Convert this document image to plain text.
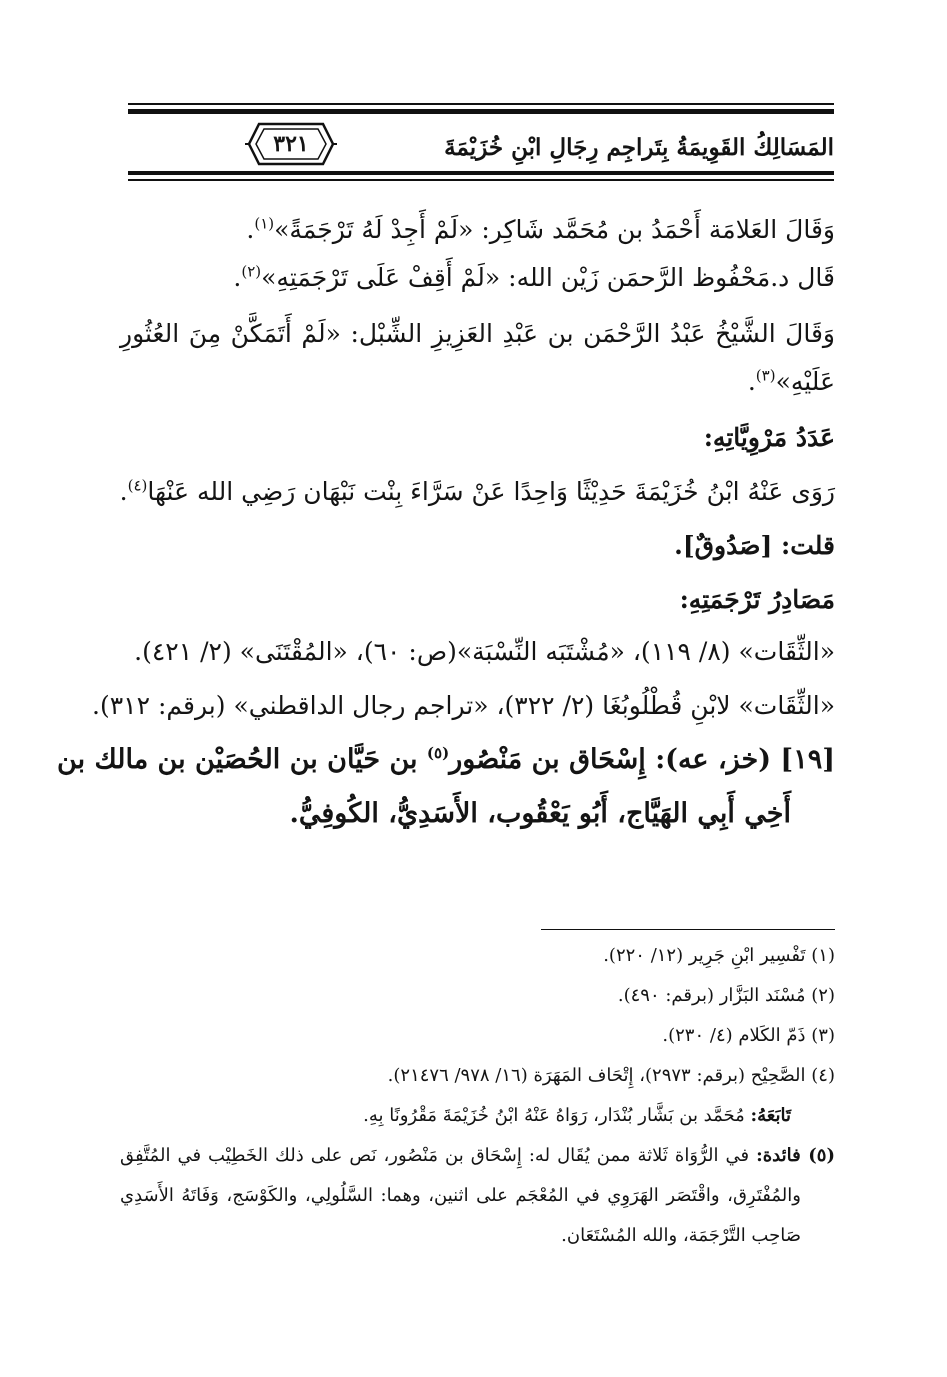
٣٢١	المَسَالِكُ القَوِيمَةُ بِتَراجِم رِجَالِ ابْنِ خُزَيْمَةَ
وَقَالَ العَلامَة أَحْمَدُ بن مُحَمَّد شَاكِر: «لَمْ أَجِدْ لَهُ تَرْجَمَةً»$^{(١)}$.
قَال د.مَحْفُوظ الرَّحمَن زَيْن الله: «لَمْ أَقِفْ عَلَى تَرْجَمَتِهِ»$^{(٢)}$.
وَقَالَ الشَّيْخُ عَبْدُ الرَّحْمَن بن عَبْدِ العَزِيزِ الشِّبْل: «لَمْ أَتَمَكَّنْ مِنَ العُثُورِ
عَلَيْهِ»$^{(٣)}$.
عَدَدُ مَرْوِيَّاتِهِ:
رَوَى عَنْهُ ابْنُ خُزَيْمَةَ حَدِيْثًا وَاحِدًا عَنْ سَرَّاءَ بِنْت نَبْهَان رَضِي الله عَنْهَا$^{(٤)}$.
قلت: [صَدُوقٌ].
مَصَادِرُ تَرْجَمَتِهِ:
«الثِّقَات» (٨/ ١١٩)، «مُشْتَبَه النِّسْبَة»(ص: ٦٠)، «المُقْتَنَى» (٢/ ٤٢١).
«الثِّقَات» لابْنِ قُطْلُوبُغَا (٢/ ٣٢٢)، «تراجم رجال الداقطني» (برقم: ٣١٢).
[١٩] (خز، عه): إِسْحَاق بن مَنْصُور$^{(٥)}$ بن حَيَّان بن الحُصَيْن بن مالك بن
أَخِي أَبِي الهَيَّاج، أَبُو يَعْقُوب، الأَسَدِيُّ، الكُوفِيُّ.
(١) تَفْسِير ابْنِ جَرِير (١٢/ ٢٢٠).
(٢) مُسْنَد البَزَّار (برقم: ٤٩٠).
(٣) ذَمّ الكَلام (٤/ ٢٣٠).
(٤) الصَّحِيْح (برقم: ٢٩٧٣)، إِتْحَاف المَهَرَة (١٦/ ٩٧٨/ ٢١٤٧٦).
تَابَعَهُ: مُحَمَّد بن بَشَّار بُنْدَار، رَوَاهُ عَنْهُ ابْنُ خُزَيْمَةَ مَقْرُونًا بِهِ.
(٥) فائدة: في الرُّوَاة ثَلاثة ممن يُقَال له: إِسْحَاق بن مَنْصُور، نَص على ذلك الخَطِيْب في المُتَّفِق
والمُفْتَرِق، واقْتَصَر الهَرَوِي في المُعْجَم على اثنين، وهما: السَّلُولِي، والكَوْسَج، وَفَاتَهُ الأَسَدِي
صَاحِب التَّرْجَمَة، والله المُسْتَعَان.
